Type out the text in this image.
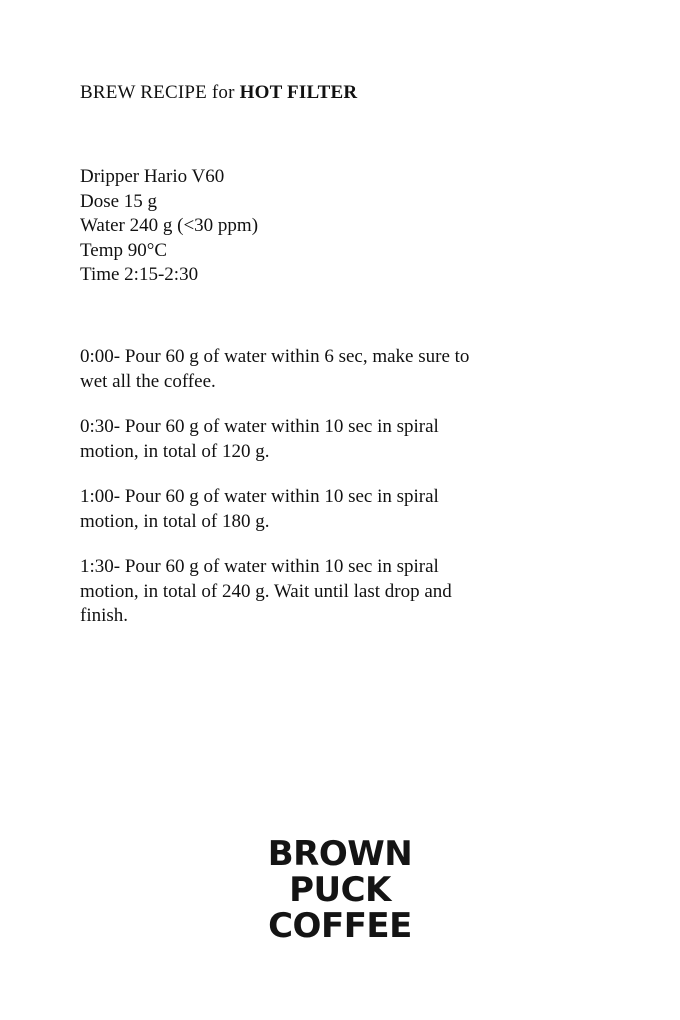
BREW RECIPE for HOT FILTER
Dripper Hario V60
Dose 15 g
Water 240 g (<30 ppm)
Temp 90°C
Time 2:15-2:30
0:00- Pour 60 g of water within 6 sec, make sure to wet all the coffee.
0:30- Pour 60 g of water within 10 sec in spiral motion, in total of 120 g.
1:00- Pour 60 g of water within 10 sec in spiral motion, in total of 180 g.
1:30- Pour 60 g of water within 10 sec in spiral motion, in total of 240 g. Wait until last drop and finish.
BROWN
PUCK
COFFEE
